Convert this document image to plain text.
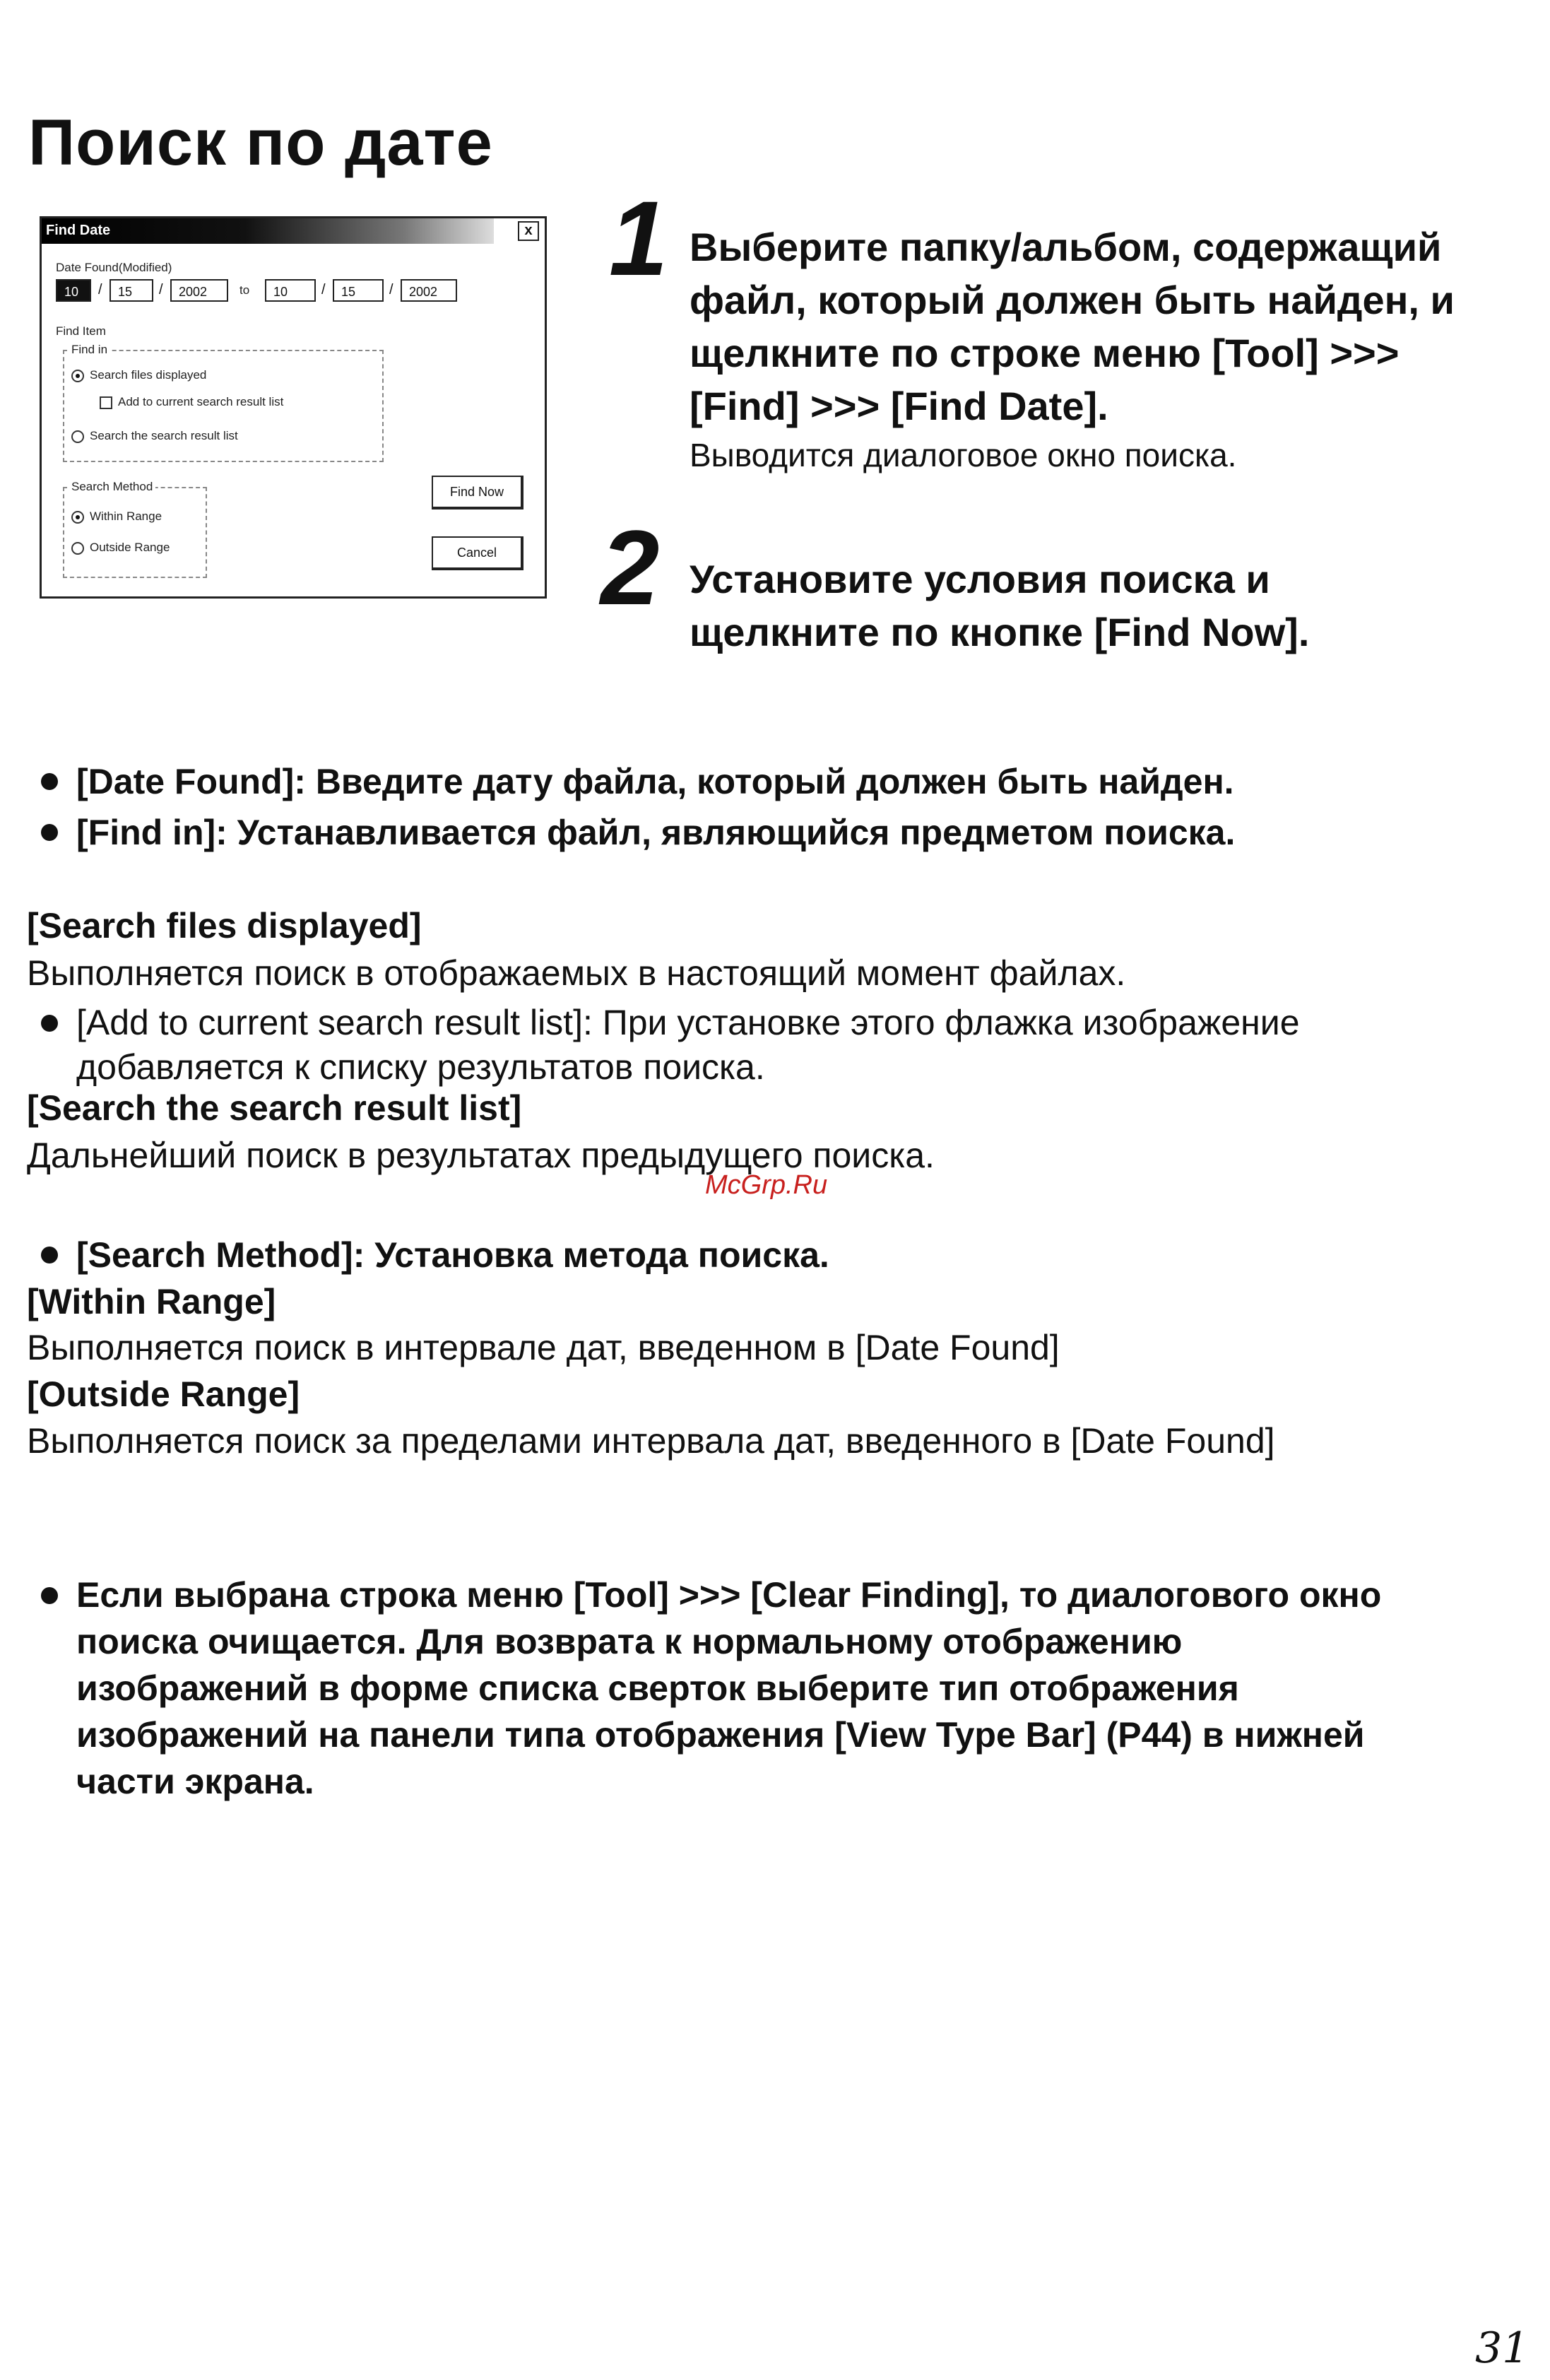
Поиск по дате
Find Date	x
Date Found(Modified)
10	/	15	/	2002	to	10	/	15	/	2002
Find Item
Find in
Search files displayed
Add to current search result list
Search the search result list
Search Method
Within Range
Outside Range
Find Now
Cancel
1 Выберите папку/альбом, содержащий
файл, который должен быть найден, и
щелкните по строке меню [Tool] >>>
[Find] >>> [Find Date].
Выводится диалоговое окно поиска.
2 Установите условия поиска и
щелкните по кнопке [Find Now].
[Date Found]: Введите дату файла, который должен быть найден.
[Find in]: Устанавливается файл, являющийся предметом поиска.
[Search files displayed]
Выполняется поиск в отображаемых в настоящий момент файлах.
[Add to current search result list]: При установке этого флажка изображение
добавляется к списку результатов поиска.
[Search the search result list]
Дальнейший поиск в результатах предыдущего поиска.
McGrp.Ru
[Search Method]: Установка метода поиска.
[Within Range]
Выполняется поиск в интервале дат, введенном в [Date Found]
[Outside Range]
Выполняется поиск за пределами интервала дат, введенного в [Date Found]
Если выбрана строка меню [Tool] >>> [Clear Finding], то диалогового окно
поиска очищается. Для возврата к нормальному отображению
изображений в форме списка сверток выберите тип отображения
изображений на панели типа отображения [View Type Bar] (P44) в нижней
части экрана.
31
